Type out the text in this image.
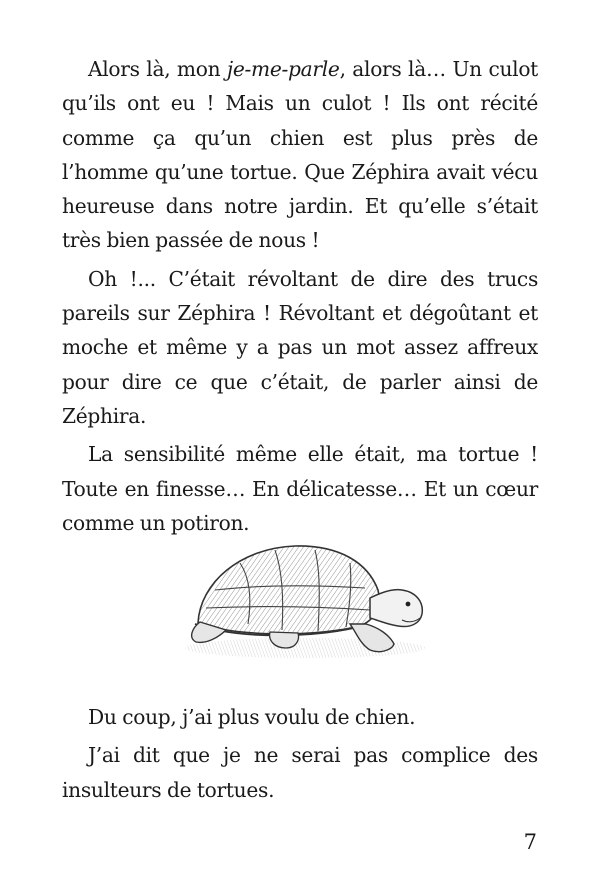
Alors là, mon je-me-parle, alors là… Un culot qu’ils ont eu ! Mais un culot ! Ils ont récité comme ça qu’un chien est plus près de l’homme qu’une tortue. Que Zéphira avait vécu heureuse dans notre jardin. Et qu’elle s’était très bien passée de nous !

Oh !... C’était révoltant de dire des trucs pareils sur Zéphira ! Révoltant et dégoûtant et moche et même y a pas un mot assez affreux pour dire ce que c’était, de parler ainsi de Zéphira.

La sensibilité même elle était, ma tortue ! Toute en finesse… En délicatesse… Et un cœur comme un potiron.

Du coup, j’ai plus voulu de chien.

J’ai dit que je ne serai pas complice des insulteurs de tortues.

7
